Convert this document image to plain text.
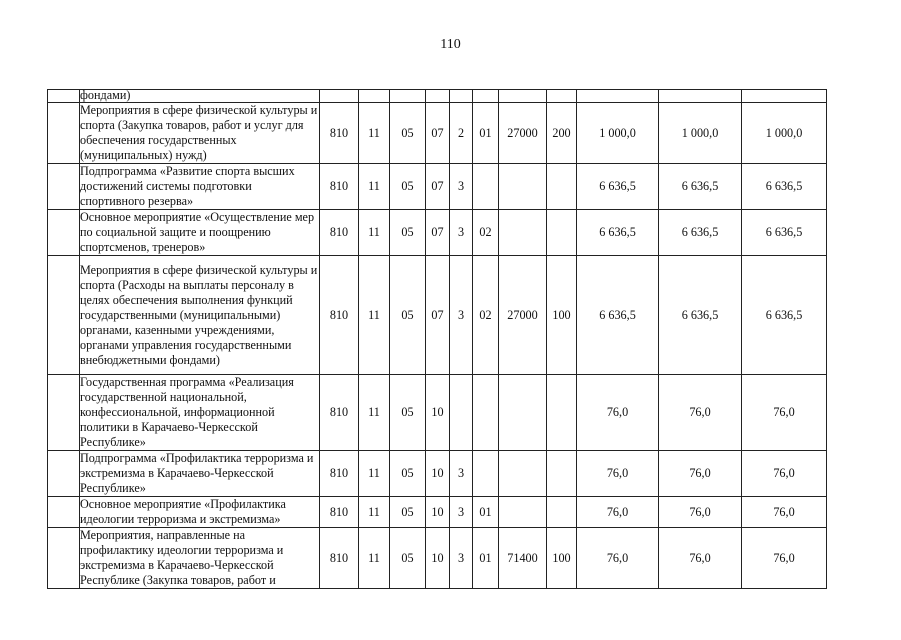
110
	фондами)											
	Мероприятия в сфере физической культуры и спорта (Закупка товаров, работ и услуг для обеспечения государственных (муниципальных) нужд)	810	11	05	07	2	01	27000	200	1 000,0	1 000,0	1 000,0
	Подпрограмма «Развитие спорта высших достижений системы подготовки спортивного резерва»	810	11	05	07	3				6 636,5	6 636,5	6 636,5
	Основное мероприятие «Осуществление мер по социальной защите и поощрению спортсменов, тренеров»	810	11	05	07	3	02			6 636,5	6 636,5	6 636,5
	Мероприятия в сфере физической культуры и спорта (Расходы на выплаты персоналу в целях обеспечения выполнения функций государственными (муниципальными) органами, казенными учреждениями, органами управления государственными внебюджетными фондами)	810	11	05	07	3	02	27000	100	6 636,5	6 636,5	6 636,5
	Государственная программа «Реализация государственной национальной, конфессиональной, информационной политики в Карачаево-Черкесской Республике»	810	11	05	10					76,0	76,0	76,0
	Подпрограмма «Профилактика терроризма и экстремизма в Карачаево-Черкесской Республике»	810	11	05	10	3				76,0	76,0	76,0
	Основное мероприятие «Профилактика идеологии терроризма и экстремизма»	810	11	05	10	3	01			76,0	76,0	76,0
	Мероприятия, направленные на профилактику идеологии терроризма и экстремизма в Карачаево-Черкесской Республике (Закупка товаров, работ и	810	11	05	10	3	01	71400	100	76,0	76,0	76,0
